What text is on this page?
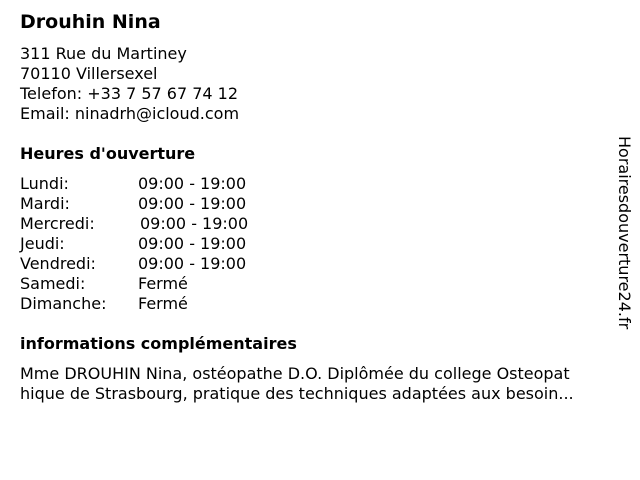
Drouhin Nina
311 Rue du Martiney
70110 Villersexel
Telefon: +33 7 57 67 74 12
Email: ninadrh@icloud.com
Heures d'ouverture
Lundi:	09:00 - 19:00
Mardi:	09:00 - 19:00
Mercredi:	09:00 - 19:00
Jeudi:	09:00 - 19:00
Vendredi:	09:00 - 19:00
Samedi:	Fermé
Dimanche: Fermé
informations complémentaires
Mme DROUHIN Nina, ostéopathe D.O. Diplômée du college Osteopat
hique de Strasbourg, pratique des techniques adaptées aux besoin...
Horairesdouverture24.fr
